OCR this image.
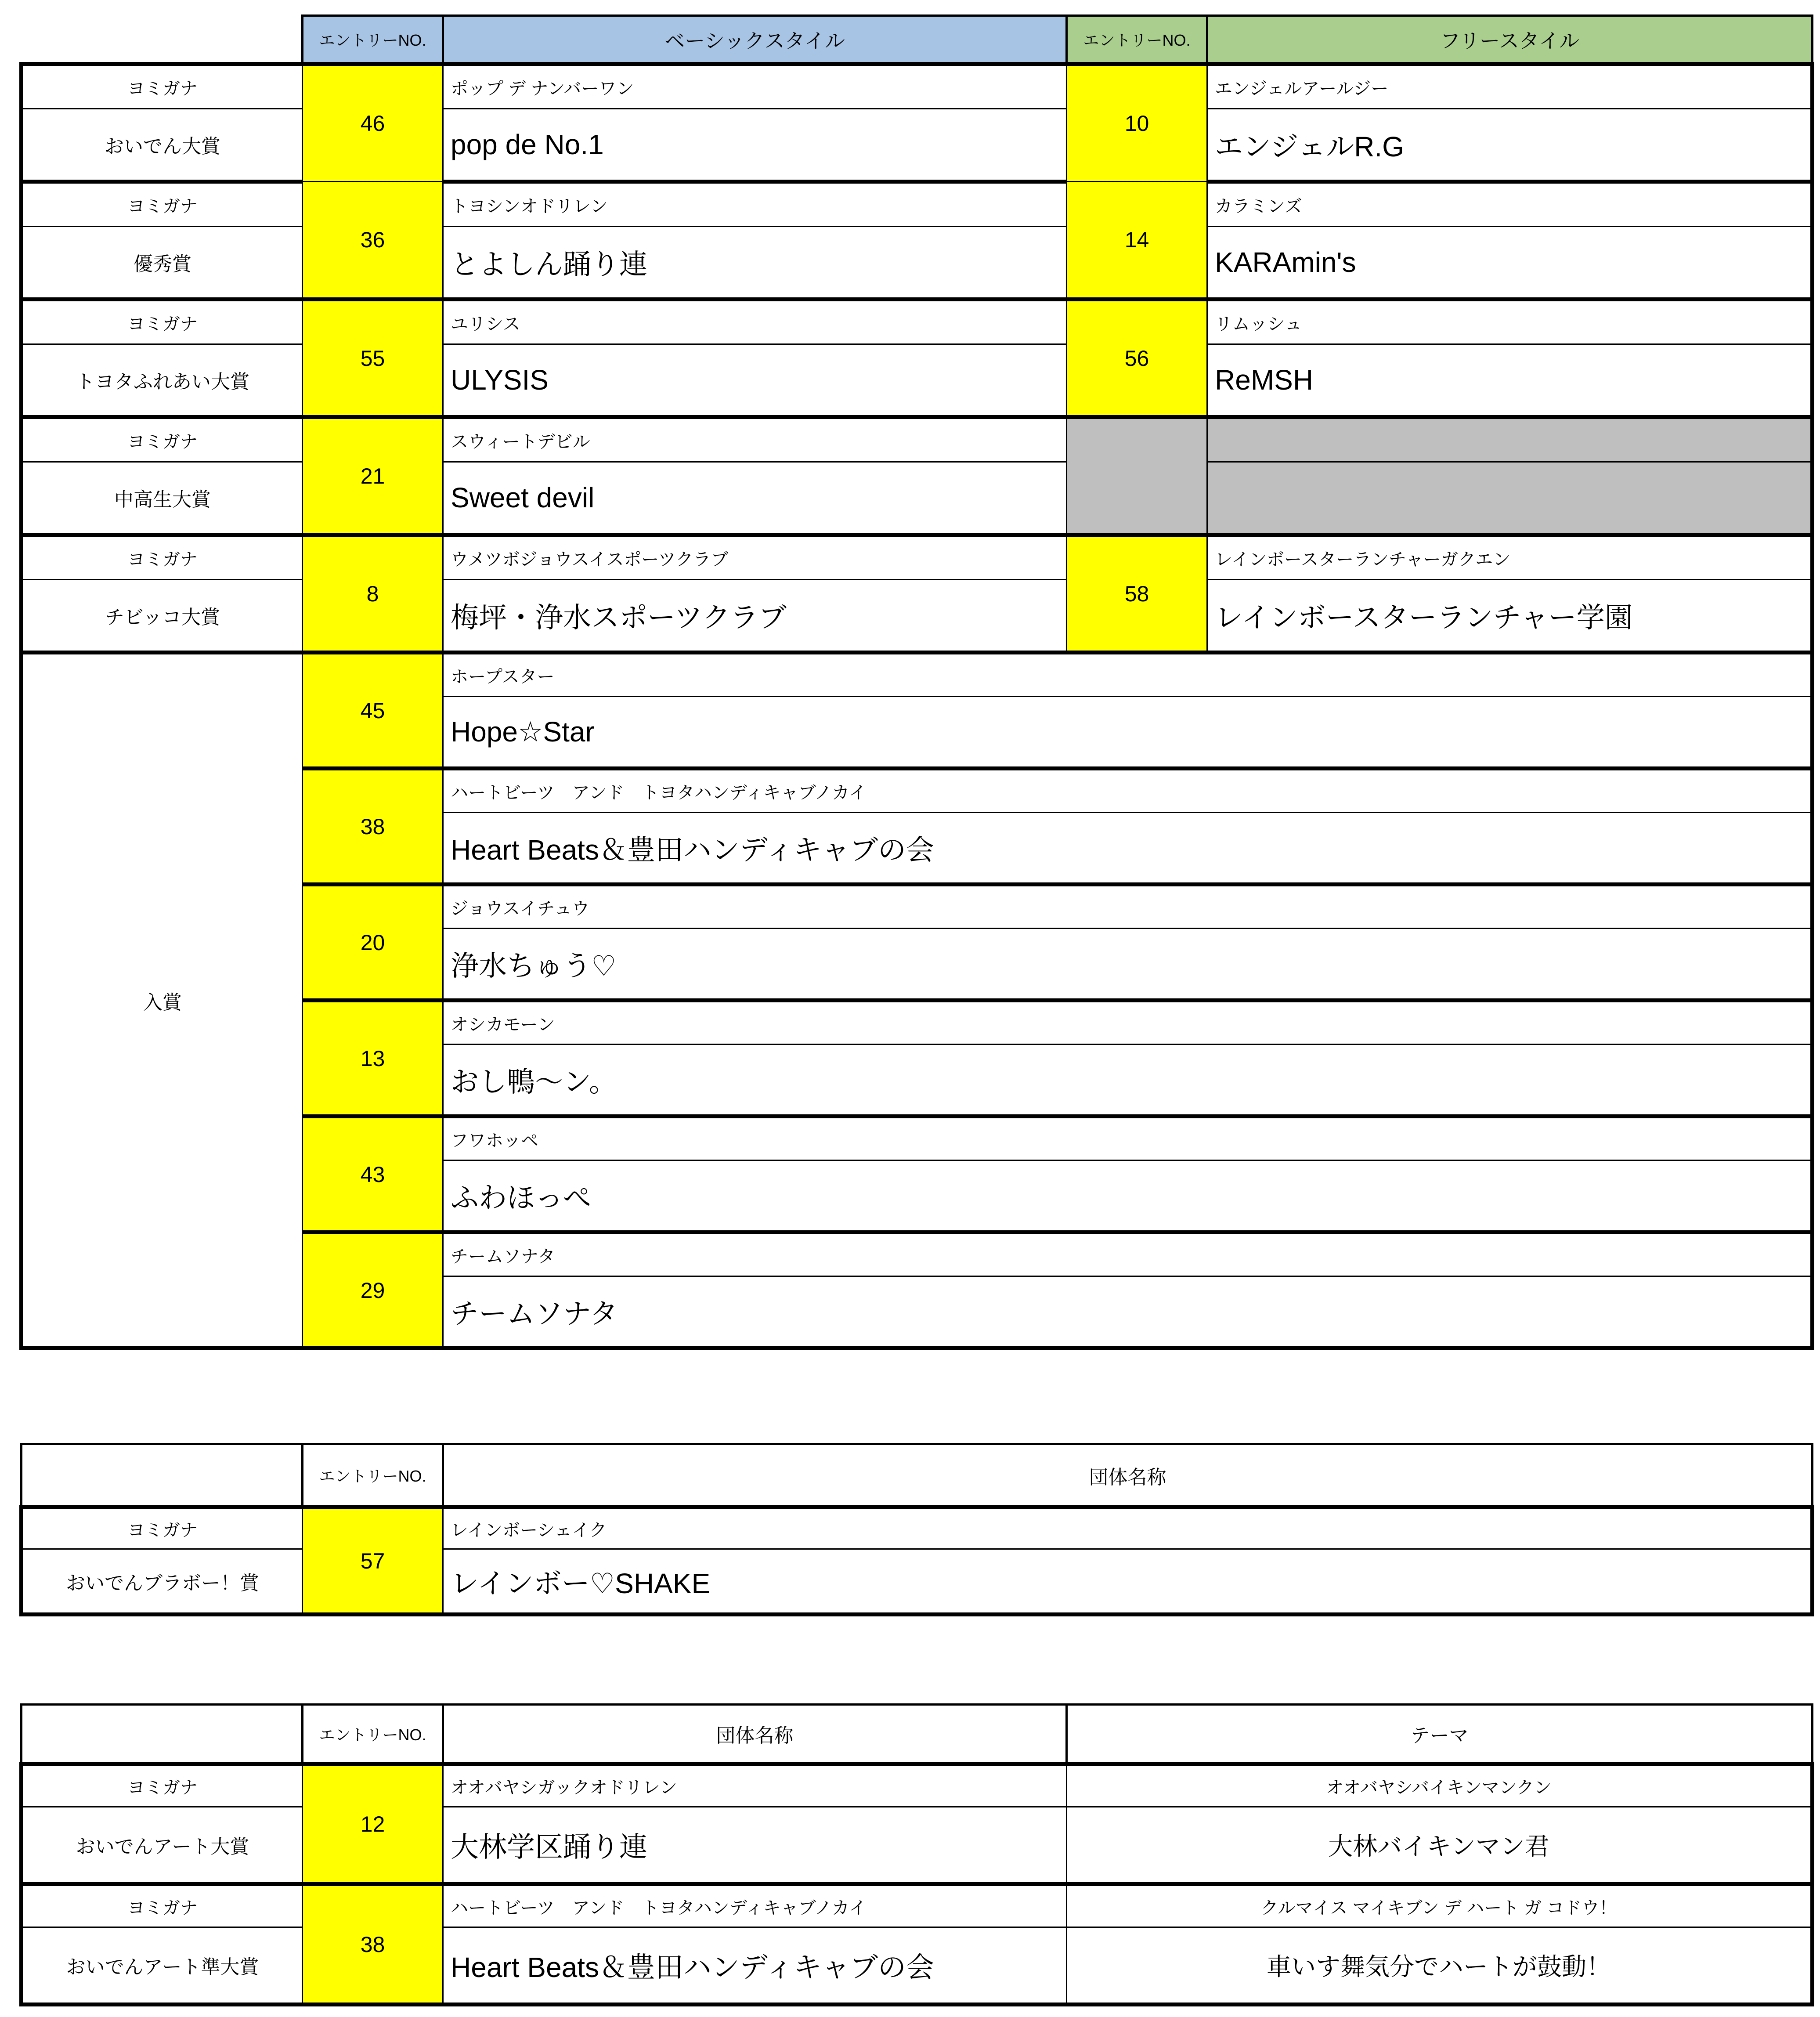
	エントリーNO.	ベーシックスタイル	エントリーNO.	フリースタイル
ヨミガナ	46	ポップ デ ナンバーワン	10	エンジェルアールジー
おいでん大賞		pop de No.1		エンジェルR.G
ヨミガナ	36	トヨシンオドリレン	14	カラミンズ
優秀賞		とよしん踊り連		KARAmin's
ヨミガナ	55	ユリシス	56	リムッシュ
トヨタふれあい大賞		ULYSIS		ReMSH
ヨミガナ	21	スウィートデビル		
中高生大賞		Sweet devil		
ヨミガナ	8	ウメツボジョウスイスポーツクラブ	58	レインボースターランチャーガクエン
チビッコ大賞		梅坪・浄水スポーツクラブ		レインボースターランチャー学園
入賞	45	ホープスター		
		Hope☆Star		
	38	ハートビーツ　アンド　トヨタハンディキャブノカイ		
		Heart Beats＆豊田ハンディキャブの会		
	20	ジョウスイチュウ		
		浄水ちゅう♡		
	13	オシカモーン		
		おし鴨～ン。		
	43	フワホッペ		
		ふわほっぺ		
	29	チームソナタ		
		チームソナタ		
	エントリーNO.	団体名称
ヨミガナ	57	レインボーシェイク
おいでんブラボー！賞		レインボー♡SHAKE
	エントリーNO.	団体名称	テーマ
ヨミガナ	12	オオバヤシガックオドリレン	オオバヤシバイキンマンクン
おいでんアート大賞		大林学区踊り連	大林バイキンマン君
ヨミガナ	38	ハートビーツ　アンド　トヨタハンディキャブノカイ	クルマイス マイキブン デ ハート ガ コドウ！
おいでんアート準大賞		Heart Beats＆豊田ハンディキャブの会	車いす舞気分でハートが鼓動！
